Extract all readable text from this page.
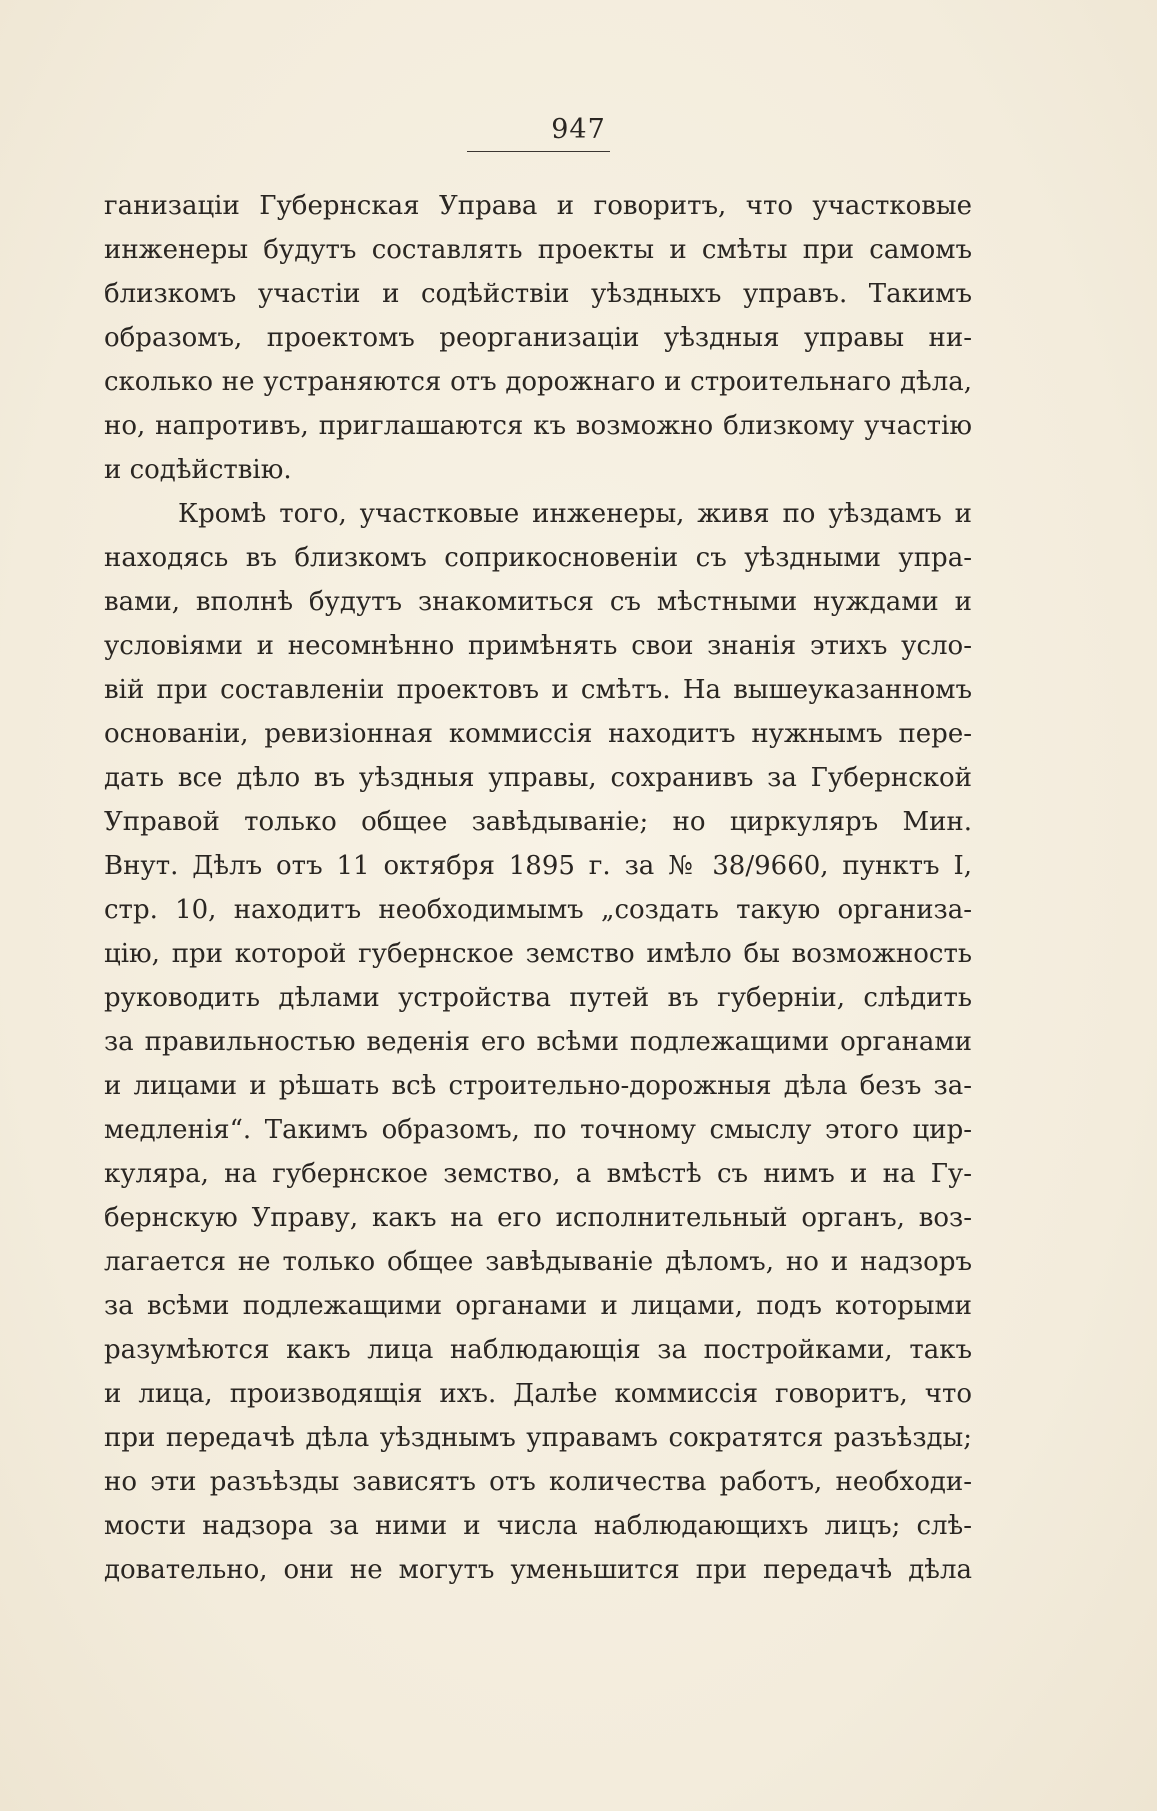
947
ганизаціи Губернская Управа и говоритъ, что участковые
инженеры будутъ составлять проекты и смѣты при самомъ
близкомъ участіи и содѣйствіи уѣздныхъ управъ. Такимъ
образомъ, проектомъ реорганизаціи уѣздныя управы ни-
сколько не устраняются отъ дорожнаго и строительнаго дѣла,
но, напротивъ, приглашаются къ возможно близкому участію
и содѣйствію.
Кромѣ того, участковые инженеры, живя по уѣздамъ и
находясь въ близкомъ соприкосновеніи съ уѣздными упра-
вами, вполнѣ будутъ знакомиться съ мѣстными нуждами и
условіями и несомнѣнно примѣнять свои знанія этихъ усло-
вій при составленіи проектовъ и смѣтъ. На вышеуказанномъ
основаніи, ревизіонная коммиссія находитъ нужнымъ пере-
дать все дѣло въ уѣздныя управы, сохранивъ за Губернской
Управой только общее завѣдываніе; но циркуляръ Мин.
Внут. Дѣлъ отъ 11 октября 1895 г. за № 38/9660, пунктъ I,
стр. 10, находитъ необходимымъ „создать такую организа-
цію, при которой губернское земство имѣло бы возможность
руководить дѣлами устройства путей въ губерніи, слѣдить
за правильностью веденія его всѣми подлежащими органами
и лицами и рѣшать всѣ строительно-дорожныя дѣла безъ за-
медленія“. Такимъ образомъ, по точному смыслу этого цир-
куляра, на губернское земство, а вмѣстѣ съ нимъ и на Гу-
бернскую Управу, какъ на его исполнительный органъ, воз-
лагается не только общее завѣдываніе дѣломъ, но и надзоръ
за всѣми подлежащими органами и лицами, подъ которыми
разумѣются какъ лица наблюдающія за постройками, такъ
и лица, производящія ихъ. Далѣе коммиссія говоритъ, что
при передачѣ дѣла уѣзднымъ управамъ сократятся разъѣзды;
но эти разъѣзды зависятъ отъ количества работъ, необходи-
мости надзора за ними и числа наблюдающихъ лицъ; слѣ-
довательно, они не могутъ уменьшится при передачѣ дѣла
